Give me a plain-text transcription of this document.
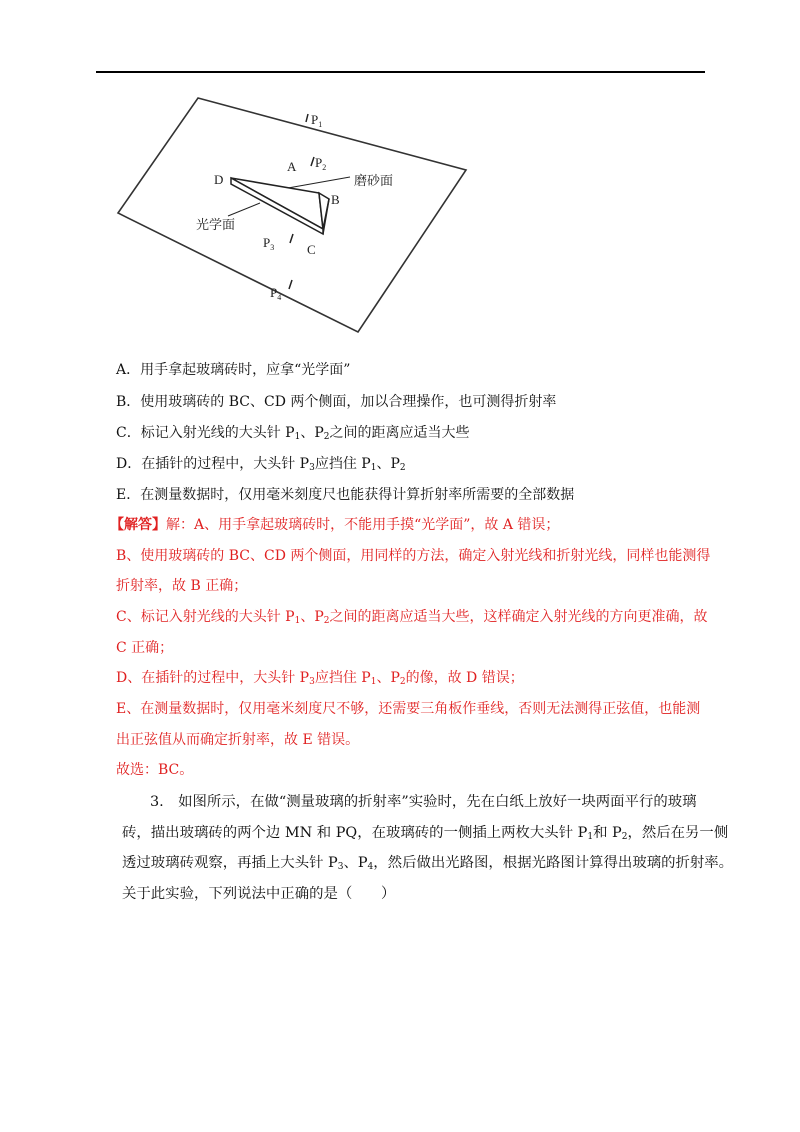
$P_1$
$P_2$
$P_3$
$P_4$
A
B
C
D	磨砂面
光学面
A．用手拿起玻璃砖时，应拿“光学面”
B．使用玻璃砖的 BC、CD 两个侧面，加以合理操作，也可测得折射率
C．标记入射光线的大头针 $P_1$、$P_2$之间的距离应适当大些
D．在插针的过程中，大头针 $P_3$应挡住 $P_1$、$P_2$
E．在测量数据时，仅用毫米刻度尺也能获得计算折射率所需要的全部数据
【解答】解：A、用手拿起玻璃砖时，不能用手摸“光学面”，故 A 错误；
B、使用玻璃砖的 BC、CD 两个侧面，用同样的方法，确定入射光线和折射光线，同样也能测得
折射率，故 B 正确；
C、标记入射光线的大头针 $P_1$、$P_2$之间的距离应适当大些，这样确定入射光线的方向更准确，故
C 正确；
D、在插针的过程中，大头针 $P_3$应挡住 $P_1$、$P_2$的像，故 D 错误；
E、在测量数据时，仅用毫米刻度尺不够，还需要三角板作垂线，否则无法测得正弦值，也能测
出正弦值从而确定折射率，故 E 错误。
故选：BC。
3.　如图所示，在做“测量玻璃的折射率”实验时，先在白纸上放好一块两面平行的玻璃
砖，描出玻璃砖的两个边 MN 和 PQ，在玻璃砖的一侧插上两枚大头针 $P_1$和 $P_2$，然后在另一侧
透过玻璃砖观察，再插上大头针 $P_3$、$P_4$，然后做出光路图，根据光路图计算得出玻璃的折射率。
关于此实验，下列说法中正确的是（　　）
